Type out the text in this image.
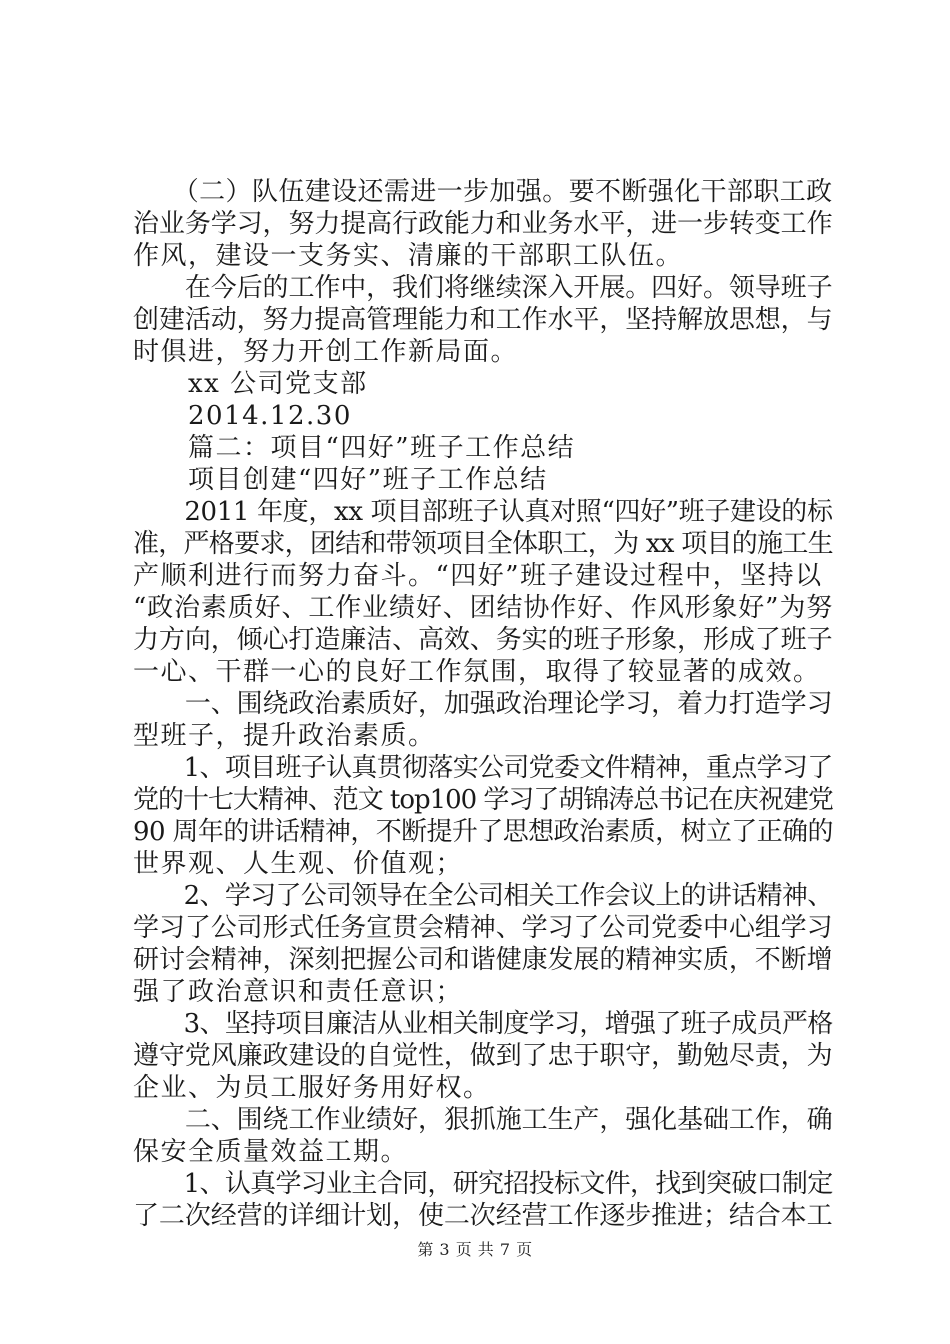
　　（二）队伍建设还需进一步加强。要不断强化干部职工政
治业务学习，努力提高行政能力和业务水平，进一步转变工作
作风，建设一支务实、清廉的干部职工队伍。
　　在今后的工作中，我们将继续深入开展。四好。领导班子
创建活动，努力提高管理能力和工作水平，坚持解放思想，与
时俱进，努力开创工作新局面。
　　xx 公司党支部
　　2014.12.30
　　篇二：项目“四好”班子工作总结
　　项目创建“四好”班子工作总结
　　2011 年度，xx 项目部班子认真对照“四好”班子建设的标
准，严格要求，团结和带领项目全体职工，为 xx 项目的施工生
产顺利进行而努力奋斗。“四好”班子建设过程中，坚持以
“政治素质好、工作业绩好、团结协作好、作风形象好”为努
力方向，倾心打造廉洁、高效、务实的班子形象，形成了班子
一心、干群一心的良好工作氛围，取得了较显著的成效。
　　一、围绕政治素质好，加强政治理论学习，着力打造学习
型班子，提升政治素质。
　　1、项目班子认真贯彻落实公司党委文件精神，重点学习了
党的十七大精神、范文 top100 学习了胡锦涛总书记在庆祝建党
90 周年的讲话精神，不断提升了思想政治素质，树立了正确的
世界观、人生观、价值观；
　　2、学习了公司领导在全公司相关工作会议上的讲话精神、
学习了公司形式任务宣贯会精神、学习了公司党委中心组学习
研讨会精神，深刻把握公司和谐健康发展的精神实质，不断增
强了政治意识和责任意识；
　　3、坚持项目廉洁从业相关制度学习，增强了班子成员严格
遵守党风廉政建设的自觉性，做到了忠于职守，勤勉尽责，为
企业、为员工服好务用好权。
　　二、围绕工作业绩好，狠抓施工生产，强化基础工作，确
保安全质量效益工期。
　　1、认真学习业主合同，研究招投标文件，找到突破口制定
了二次经营的详细计划，使二次经营工作逐步推进；结合本工
第 3 页 共 7 页
